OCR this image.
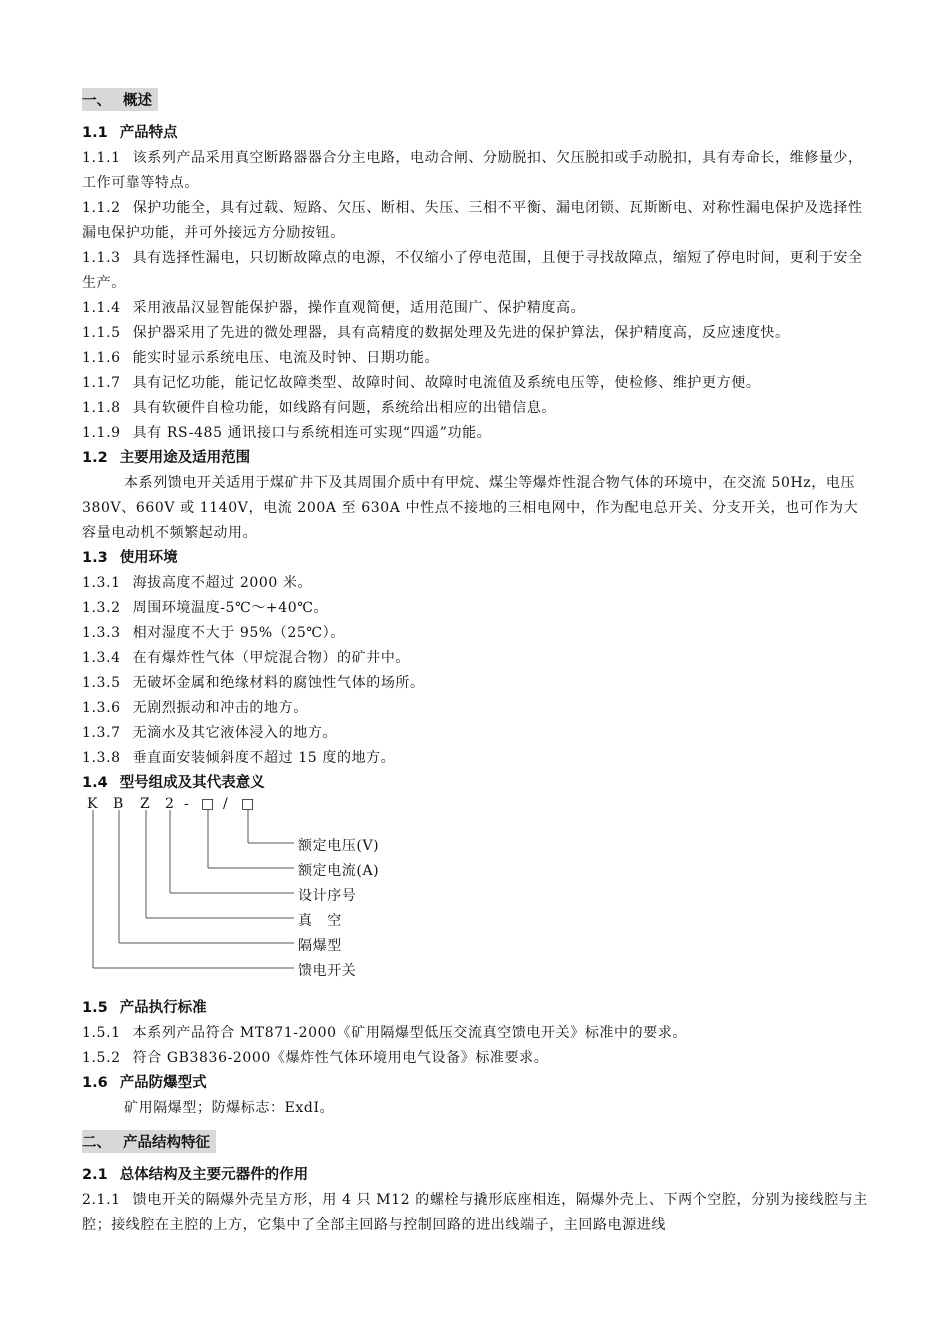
一、 概述
1.1 产品特点
1.1.1 该系列产品采用真空断路器器合分主电路，电动合闸、分励脱扣、欠压脱扣或手动脱扣，具有寿命长，维修量少，工作可靠等特点。
1.1.2 保护功能全，具有过载、短路、欠压、断相、失压、三相不平衡、漏电闭锁、瓦斯断电、对称性漏电保护及选择性漏电保护功能，并可外接远方分励按钮。
1.1.3 具有选择性漏电，只切断故障点的电源，不仅缩小了停电范围，且便于寻找故障点，缩短了停电时间，更利于安全生产。
1.1.4 采用液晶汉显智能保护器，操作直观简便，适用范围广、保护精度高。
1.1.5 保护器采用了先进的微处理器，具有高精度的数据处理及先进的保护算法，保护精度高，反应速度快。
1.1.6 能实时显示系统电压、电流及时钟、日期功能。
1.1.7 具有记忆功能，能记忆故障类型、故障时间、故障时电流值及系统电压等，使检修、维护更方便。
1.1.8 具有软硬件自检功能，如线路有问题，系统给出相应的出错信息。
1.1.9 具有 RS-485 通讯接口与系统相连可实现“四遥”功能。
1.2 主要用途及适用范围
本系列馈电开关适用于煤矿井下及其周围介质中有甲烷、煤尘等爆炸性混合物气体的环境中，在交流 50Hz，电压 380V、660V 或 1140V，电流 200A 至 630A 中性点不接地的三相电网中，作为配电总开关、分支开关，也可作为大容量电动机不频繁起动用。
1.3 使用环境
1.3.1 海拔高度不超过 2000 米。
1.3.2 周围环境温度-5℃～+40℃。
1.3.3 相对湿度不大于 95%（25℃）。
1.3.4 在有爆炸性气体（甲烷混合物）的矿井中。
1.3.5 无破坏金属和绝缘材料的腐蚀性气体的场所。
1.3.6 无剧烈振动和冲击的地方。
1.3.7 无滴水及其它液体浸入的地方。
1.3.8 垂直面安装倾斜度不超过 15 度的地方。
1.4 型号组成及其代表意义
K B Z 2 - □ / □
额定电压(V)
额定电流(A)
设计序号
真　空
隔爆型
馈电开关
1.5 产品执行标准
1.5.1 本系列产品符合 MT871-2000《矿用隔爆型低压交流真空馈电开关》标准中的要求。
1.5.2 符合 GB3836-2000《爆炸性气体环境用电气设备》标准要求。
1.6 产品防爆型式
矿用隔爆型；防爆标志：ExdI。
二、 产品结构特征
2.1 总体结构及主要元器件的作用
2.1.1 馈电开关的隔爆外壳呈方形，用 4 只 M12 的螺栓与撬形底座相连，隔爆外壳上、下两个空腔，分别为接线腔与主腔；接线腔在主腔的上方，它集中了全部主回路与控制回路的进出线端子，主回路电源进线
